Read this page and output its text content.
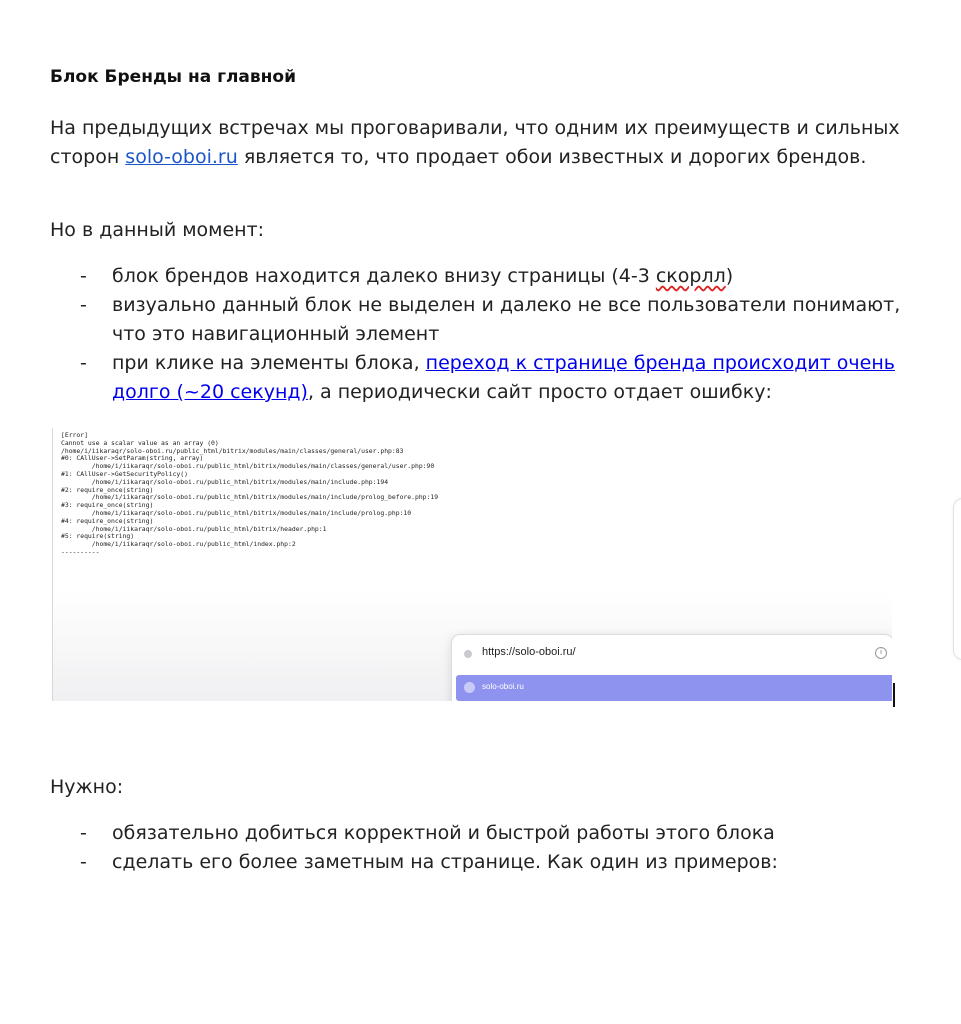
Блок Бренды на главной

На предыдущих встречах мы проговаривали, что одним их преимуществ и сильных сторон solo-oboi.ru является то, что продает обои известных и дорогих брендов.

Но в данный момент:

- блок брендов находится далеко внизу страницы (4-3 скорлл)
- визуально данный блок не выделен и далеко не все пользователи понимают, что это навигационный элемент
- при клике на элементы блока, переход к странице бренда происходит очень долго (~20 секунд), а периодически сайт просто отдает ошибку:
[Error]
Cannot use a scalar value as an array (0)
/home/i/iikaraqr/solo-oboi.ru/public_html/bitrix/modules/main/classes/general/user.php:83
#0: CAllUser->SetParam(string, array)
/home/i/iikaraqr/solo-oboi.ru/public_html/bitrix/modules/main/classes/general/user.php:90
#1: CAllUser->GetSecurityPolicy()
/home/i/iikaraqr/solo-oboi.ru/public_html/bitrix/modules/main/include.php:194
#2: require_once(string)
/home/i/iikaraqr/solo-oboi.ru/public_html/bitrix/modules/main/include/prolog_before.php:19
#3: require_once(string)
/home/i/iikaraqr/solo-oboi.ru/public_html/bitrix/modules/main/include/prolog.php:10
#4: require_once(string)
/home/i/iikaraqr/solo-oboi.ru/public_html/bitrix/header.php:1
#5: require(string)
/home/i/iikaraqr/solo-oboi.ru/public_html/index.php:2
----------
https://solo-oboi.ru/	i
solo-oboi.ru

Нужно:

- обязательно добиться корректной и быстрой работы этого блока
- сделать его более заметным на странице. Как один из примеров:
